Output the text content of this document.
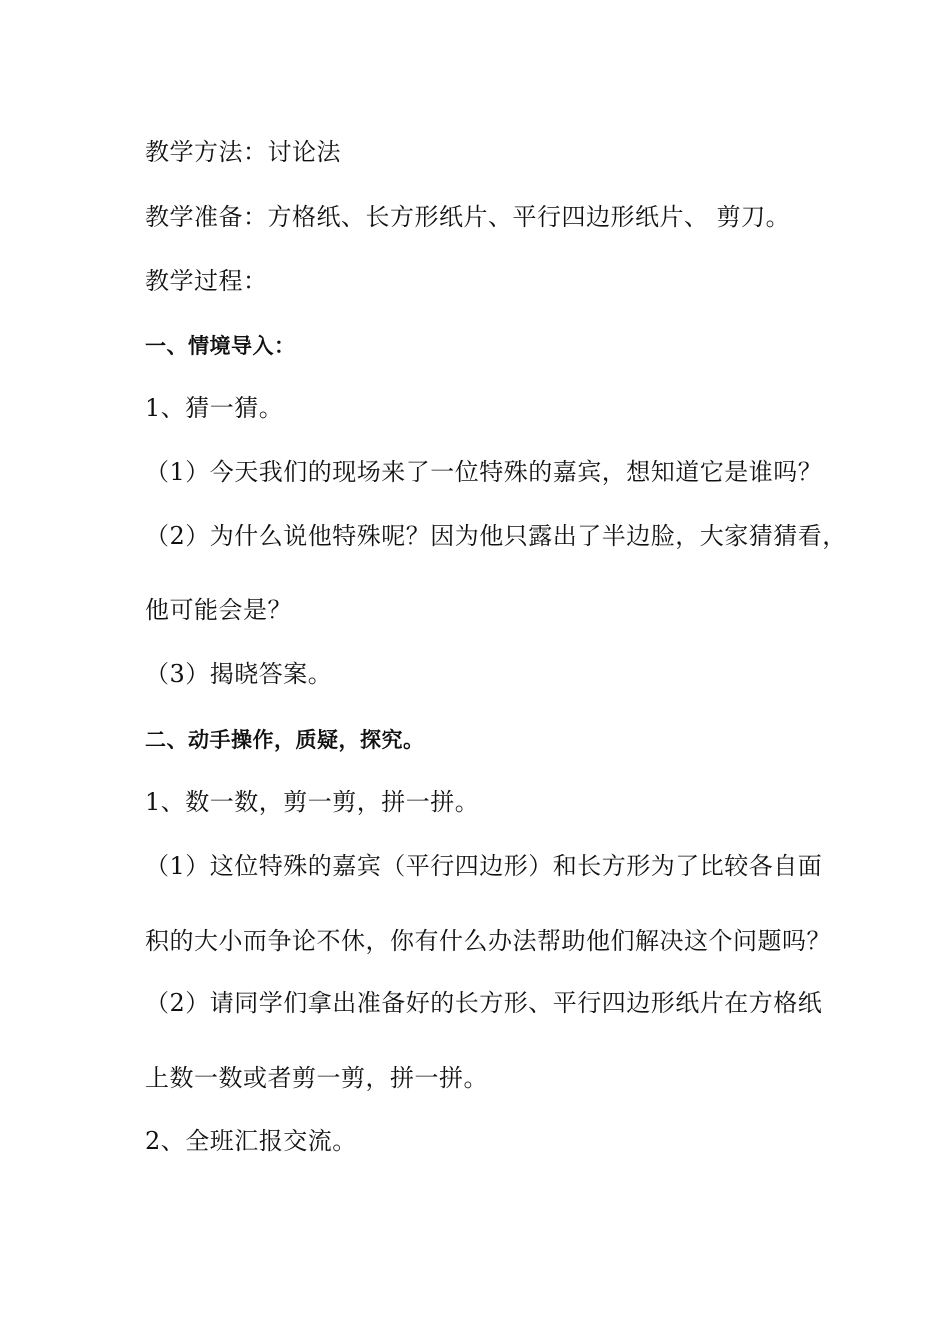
教学方法：讨论法
教学准备：方格纸、长方形纸片、平行四边形纸片、 剪刀。
教学过程：
一、情境导入：
1、猜一猜。
（1）今天我们的现场来了一位特殊的嘉宾，想知道它是谁吗？
（2）为什么说他特殊呢？因为他只露出了半边脸，大家猜猜看，
他可能会是？
（3）揭晓答案。
二、动手操作，质疑，探究。
1、数一数，剪一剪，拼一拼。
（1）这位特殊的嘉宾（平行四边形）和长方形为了比较各自面
积的大小而争论不休，你有什么办法帮助他们解决这个问题吗？
（2）请同学们拿出准备好的长方形、平行四边形纸片在方格纸
上数一数或者剪一剪，拼一拼。
2、全班汇报交流。
